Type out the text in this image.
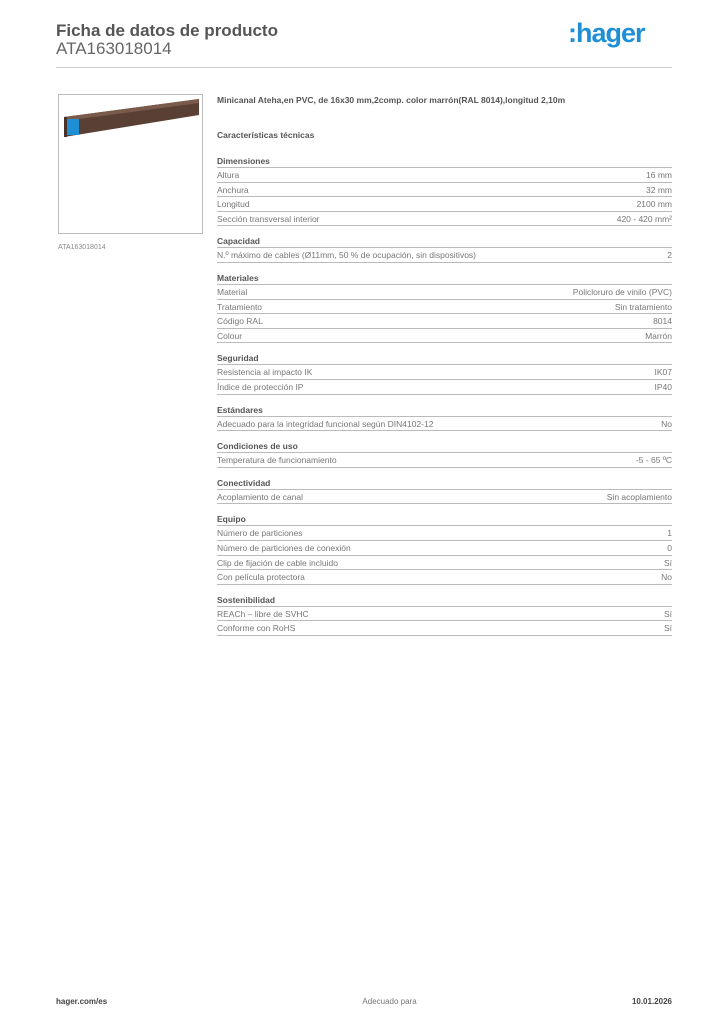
Ficha de datos de producto
ATA163018014
:hager
ATA163018014
Minicanal Ateha,en PVC, de 16x30 mm,2comp. color marrón(RAL 8014),longitud 2,10m
Características técnicas
Dimensiones
Altura	16 mm
Anchura	32 mm
Longitud	2100 mm
Sección transversal interior	420 - 420 mm²
Capacidad
N.º máximo de cables (Ø11mm, 50 % de ocupación, sin dispositivos)	2
Materiales
Material	Policloruro de vinilo (PVC)
Tratamiento	Sin tratamiento
Código RAL	8014
Colour	Marrón
Seguridad
Resistencia al impacto IK	IK07
Índice de protección IP	IP40
Estándares
Adecuado para la integridad funcional según DIN4102-12	No
Condiciones de uso
Temperatura de funcionamiento	-5 - 65 ºC
Conectividad
Acoplamiento de canal	Sin acoplamiento
Equipo
Número de particiones	1
Número de particiones de conexión	0
Clip de fijación de cable incluido	Sí
Con película protectora	No
Sostenibilidad
REACh – libre de SVHC	Sí
Conforme con RoHS	Sí
hager.com/es	Adecuado para	10.01.2026
